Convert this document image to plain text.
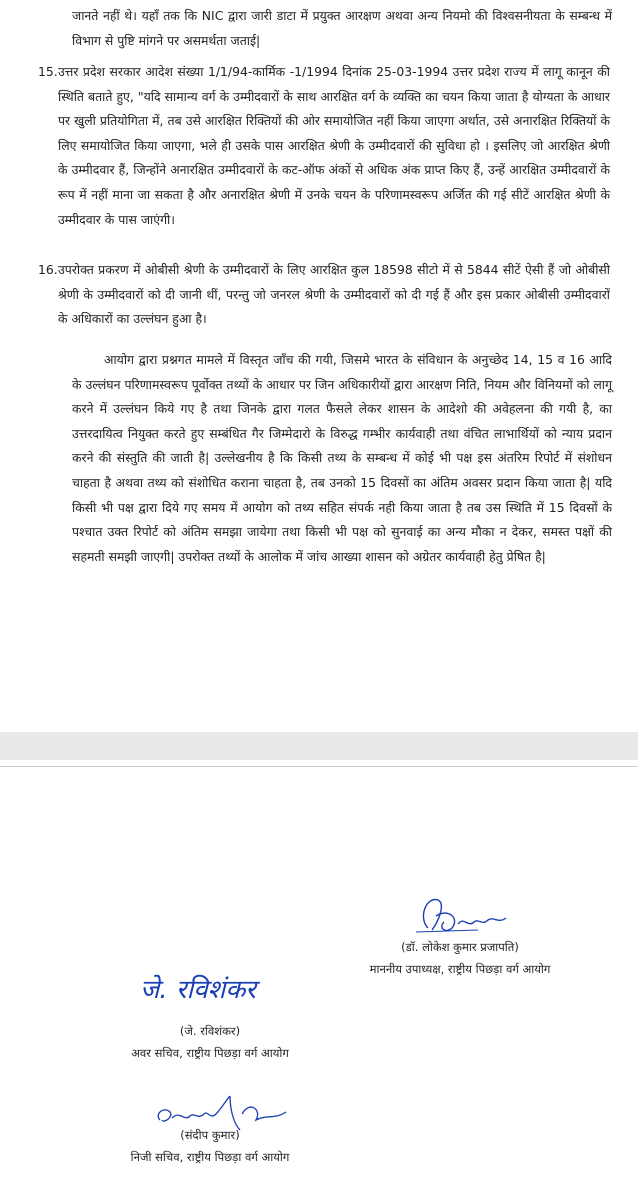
जानते नहीं थे। यहाँ तक कि NIC द्वारा जारी डाटा में प्रयुक्त आरक्षण अथवा अन्य नियमो की विश्वसनीयता के सम्बन्ध में विभाग से पुष्टि मांगने पर असमर्थता जताई|
15. उत्तर प्रदेश सरकार आदेश संख्या 1/1/94-कार्मिक -1/1994 दिनांक 25-03-1994 उत्तर प्रदेश राज्य में लागू कानून की स्थिति बताते हुए, "यदि सामान्य वर्ग के उम्मीदवारों के साथ आरक्षित वर्ग के व्यक्ति का चयन किया जाता है योग्यता के आधार पर खुली प्रतियोगिता में, तब उसे आरक्षित रिक्तियों की ओर समायोजित नहीं किया जाएगा अर्थात, उसे अनारक्षित रिक्तियों के लिए समायोजित किया जाएगा, भले ही उसके पास आरक्षित श्रेणी के उम्मीदवारों की सुविधा हो । इसलिए जो आरक्षित श्रेणी के उम्मीदवार हैं, जिन्होंने अनारक्षित उम्मीदवारों के कट-ऑफ अंकों से अधिक अंक प्राप्त किए हैं, उन्हें आरक्षित उम्मीदवारों के रूप में नहीं माना जा सकता है और अनारक्षित श्रेणी में उनके चयन के परिणामस्वरूप अर्जित की गई सीटें आरक्षित श्रेणी के उम्मीदवार के पास जाएंगी।
16. उपरोक्त प्रकरण में ओबीसी श्रेणी के उम्मीदवारों के लिए आरक्षित कुल 18598 सीटो में से 5844 सीटें ऐसी हैं जो ओबीसी श्रेणी के उम्मीदवारों को दी जानी थीं, परन्तु जो जनरल श्रेणी के उम्मीदवारों को दी गई हैं और इस प्रकार ओबीसी उम्मीदवारों के अधिकारों का उल्लंघन हुआ है।
आयोग द्वारा प्रश्नगत मामले में विस्तृत जाँच की गयी, जिसमे भारत के संविधान के अनुच्छेद 14, 15 व 16 आदि के उल्लंघन परिणामस्वरूप पूर्वोक्त तथ्यों के आधार पर जिन अधिकारीयों द्वारा आरक्षण निति, नियम और विनियमों को लागू करने में उल्लंघन किये गए है तथा जिनके द्वारा गलत फैसले लेकर शासन के आदेशो की अवेहलना की गयी है, का उत्तरदायित्व नियुक्त करते हुए सम्बंधित गैर जिम्मेदारो के विरुद्ध गम्भीर कार्यवाही तथा वंचित लाभार्थियों को न्याय प्रदान करने की संस्तुति की जाती है| उल्लेखनीय है कि किसी तथ्य के सम्बन्ध में कोई भी पक्ष इस अंतरिम रिपोर्ट में संशोधन चाहता है अथवा तथ्य को संशोधित कराना चाहता है, तब उनको 15 दिवसों का अंतिम अवसर प्रदान किया जाता है| यदि किसी भी पक्ष द्वारा दिये गए समय में आयोग को तथ्य सहित संपर्क नही किया जाता है तब उस स्थिति में 15 दिवसों के पश्चात उक्त रिपोर्ट को अंतिम समझा जायेगा तथा किसी भी पक्ष को सुनवाई का अन्य मौका न देकर, समस्त पक्षों की सहमती समझी जाएगी| उपरोक्त तथ्यों के आलोक में जांच आख्या शासन को अग्रेतर कार्यवाही हेतु प्रेषित है|
Lokesh
(डॉ. लोकेश कुमार प्रजापति)
माननीय उपाध्यक्ष, राष्ट्रीय पिछड़ा वर्ग आयोग
जे. रविशंकर
(जे. रविशंकर)
अवर सचिव, राष्ट्रीय पिछड़ा वर्ग आयोग
Sandeep Kumar
(संदीप कुमार)
निजी सचिव, राष्ट्रीय पिछड़ा वर्ग आयोग
